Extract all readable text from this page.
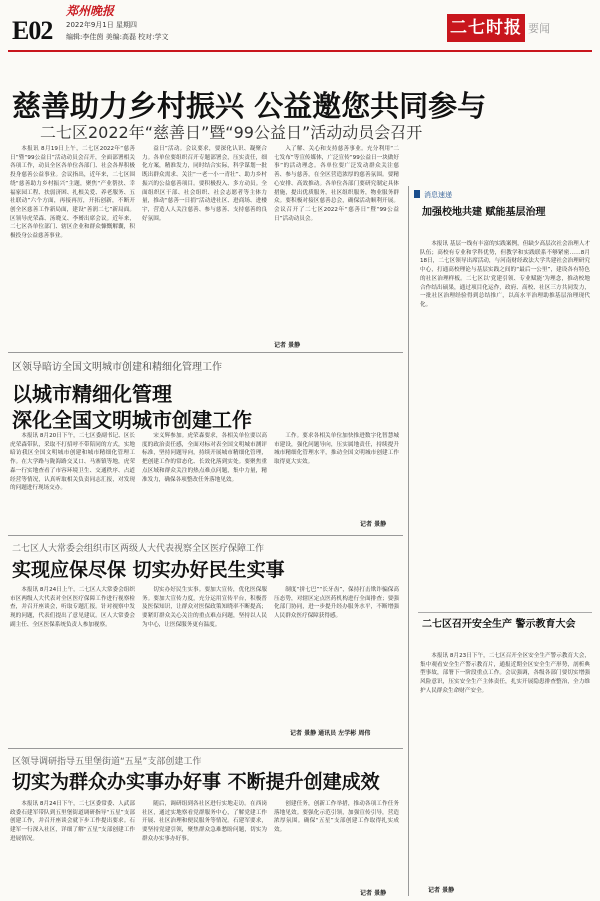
E02
郑州晚报
2022年9月1日 星期四
编辑:李佳茵 美编:高磊 校对:学文	二七时报 要闻
慈善助力乡村振兴 公益邀您共同参与
二七区2022年“慈善日”暨“99公益日”活动动员会召开

本报讯 8月19日上午，二七区2022年“慈善日”暨“99公益日”活动动员会召开，全面部署相关各项工作，动员全区各单位各部门、社会各界积极投身慈善公益事业。会议指出，近年来，二七区围绕“慈善助力乡村振兴”主题，聚焦“产业帮扶、幸福家园工程、扶弱济困、扎根关爱、养老服务、五社联动”六个方面，再接再厉，开拓创新，不断开创全区慈善工作新局面，建设“善润二七”新局面。区领导虎荣森、汤晓义、李赟出席会议。近年来，二七区各单位部门、辖区企业和群众慷慨解囊，积极投身公益慈善事业。

益日”活动。会议要求，要深化认识、凝聚合力。各单位要组织召开专题部署会，压实责任，细化方案，精准发力，同时结合实际，科学谋划一批既出群众需求、关注“一老一小一青壮”、助力乡村振兴的公益慈善项目。要积极投入、多方动员。全面组织区干部、社会组织、社会志愿者等主体力量，推动“慈善一日捐”活动进社区、进商场、进楼宇，营造人人关注慈善、参与慈善、支持慈善的良好氛围。

入了解、关心和支持慈善事业。充分利用“二七发布”等宣传媒体，广泛宣传“99公益日一块做好事”的活动理念。各单位要广泛发动群众关注慈善、参与慈善，在全区营造浓厚的慈善氛围。要精心安排、高效推动。各单位各部门要研究制定具体措施，提出优质服务，社区组织服务，物业服务群众。要积极对接区慈善总会，确保活动顺利开展。会议召开了二七区2022年“慈善日”暨“99公益日”活动动员会。

记者 景静
区领导暗访全国文明城市创建和精细化管理工作
以城市精细化管理
深化全国文明城市创建工作

本报讯 8月20日下午，二七区委副书记、区长虎荣森带队，采取不打招呼不带陪同的方式，实地暗访我区全国文明城市创建和城市精细化管理工作。在大学路与陇海路交叉口、马寨镇等地，虎荣森一行实地查看了市容环境卫生、交通秩序、占道经营等情况，认真听取相关负责同志汇报，对发现的问题进行现场交办。

宋义辉参加。虎荣森要求，各相关单位要以高度的政治责任感，全面对标对表全国文明城市测评标准，坚持问题导向，持续开展城市精细化管理，把创建工作的常态化、长效化落到实处。要聚焦重点区域和群众关注的热点难点问题，集中力量，精准发力，确保各项整改任务落地见效。

工作。要求各相关单位加快推进数字化智慧城市建设，强化问题导向，压实属地责任，持续提升城市精细化管理水平，推动全国文明城市创建工作取得更大实效。

记者 景静
二七区人大常委会组织市区两级人大代表视察全区医疗保障工作
实现应保尽保 切实办好民生实事

本报讯 8月24日上午，二七区人大常委会组织市区两级人大代表对全区医疗保障工作进行视察检查，并召开座谈会，听取专题汇报。针对视察中发现的问题，代表们提出了意见建议。区人大常委会副主任、全区医保系统负责人参加视察。

切实办好民生实事。要加大宣传，优化医保服务。要加大宣传力度，充分运用宣传平台，积极普及医保知识，让群众对医保政策知晓率不断提高；要紧盯群众关心关注的重点难点问题，坚持以人民为中心，让医保服务更有温度。

制度“拼七巴”“长牙齿”，保持打击欺诈骗保高压态势，对辖区定点医药机构进行全面排查；要强化部门协同，进一步提升经办服务水平，不断增强人民群众医疗保障获得感。

记者 景静 通讯员 左学彬 周伟
区领导调研指导五里堡街道“五星”支部创建工作
切实为群众办实事办好事 不断提升创建成效

本报讯 8月24日下午，二七区委常委、人武部政委石建军带队到五里堡街道调研指导“五星”支部创建工作，并召开座谈会就下步工作提出要求。石建军一行深入社区，详细了解“五星”支部创建工作进展情况。

随后，调研组到各社区进行实地走访。在西岗社区，通过实地察看党群服务中心，了解党建工作开展、社区治理和便民服务等情况。石建军要求，要坚持党建引领，聚焦群众急难愁盼问题，切实为群众办实事办好事。

创建任务，创新工作举措，推动各项工作任务落地见效。要强化示范引领，加强宣传引导，营造浓厚氛围。确保“五星”支部创建工作取得扎实成效。

记者 景静
消息速递
加强校地共建 赋能基层治理

本报讯 基层一线有丰富的实践案例，但缺少高层次社会治理人才队伍；高校有专业和学科优势，但教学和实践联系不够紧密……8月18日，二七区领导出席活动，与河南财经政法大学共建社会治理研究中心，打通高校理论与基层实践之间的“最后一公里”，建设各有特色的社区治理样板。二七区以‘党建引领、专业赋能’为理念，推动校地合作结出硕果，通过项目化运作，政府、高校、社区三方共同发力，一批社区治理经验得到总结推广，以高水平治理助推基层治理现代化。

二七区召开安全生产 警示教育大会

本报讯 8月23日下午，二七区召开全区安全生产警示教育大会，集中观看安全生产警示教育片，通报近期全区安全生产形势，剖析典型事故，部署下一阶段重点工作。会议强调，各级各部门要切实增强风险意识，压实安全生产主体责任，扎实开展隐患排查整治，全力维护人民群众生命财产安全。

记者 景静
